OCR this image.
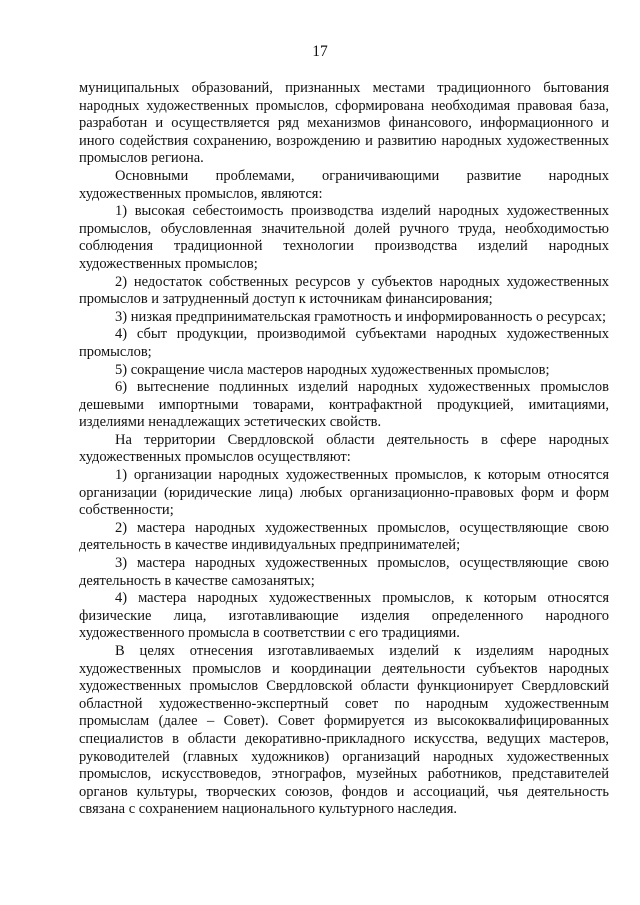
17

муниципальных образований, признанных местами традиционного бытования народных художественных промыслов, сформирована необходимая правовая база, разработан и осуществляется ряд механизмов финансового, информационного и иного содействия сохранению, возрождению и развитию народных художественных промыслов региона.

Основными проблемами, ограничивающими развитие народных художественных промыслов, являются:

1) высокая себестоимость производства изделий народных художественных промыслов, обусловленная значительной долей ручного труда, необходимостью соблюдения традиционной технологии производства изделий народных художественных промыслов;

2) недостаток собственных ресурсов у субъектов народных художественных промыслов и затрудненный доступ к источникам финансирования;

3) низкая предпринимательская грамотность и информированность о ресурсах;

4) сбыт продукции, производимой субъектами народных художественных промыслов;

5) сокращение числа мастеров народных художественных промыслов;

6) вытеснение подлинных изделий народных художественных промыслов дешевыми импортными товарами, контрафактной продукцией, имитациями, изделиями ненадлежащих эстетических свойств.

На территории Свердловской области деятельность в сфере народных художественных промыслов осуществляют:

1) организации народных художественных промыслов, к которым относятся организации (юридические лица) любых организационно-правовых форм и форм собственности;

2) мастера народных художественных промыслов, осуществляющие свою деятельность в качестве индивидуальных предпринимателей;

3) мастера народных художественных промыслов, осуществляющие свою деятельность в качестве самозанятых;

4) мастера народных художественных промыслов, к которым относятся физические лица, изготавливающие изделия определенного народного художественного промысла в соответствии с его традициями.

В целях отнесения изготавливаемых изделий к изделиям народных художественных промыслов и координации деятельности субъектов народных художественных промыслов Свердловской области функционирует Свердловский областной художественно-экспертный совет по народным художественным промыслам (далее – Совет). Совет формируется из высококвалифицированных специалистов в области декоративно-прикладного искусства, ведущих мастеров, руководителей (главных художников) организаций народных художественных промыслов, искусствоведов, этнографов, музейных работников, представителей органов культуры, творческих союзов, фондов и ассоциаций, чья деятельность связана с сохранением национального культурного наследия.
